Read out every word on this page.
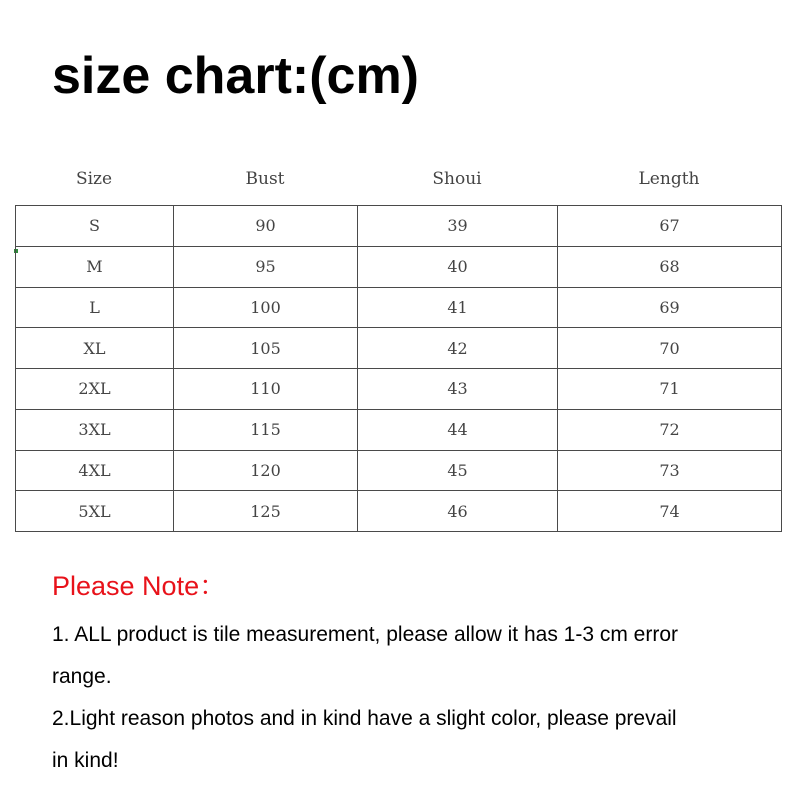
size chart:(cm)
Size	Bust	Shoui	Length
S	90	39	67
M	95	40	68
L	100	41	69
XL	105	42	70
2XL	110	43	71
3XL	115	44	72
4XL	120	45	73
5XL	125	46	74
Please Note：
1. ALL product is tile measurement, please allow it has 1-3 cm error
range.
2.Light reason photos and in kind have a slight color, please prevail
in kind!
